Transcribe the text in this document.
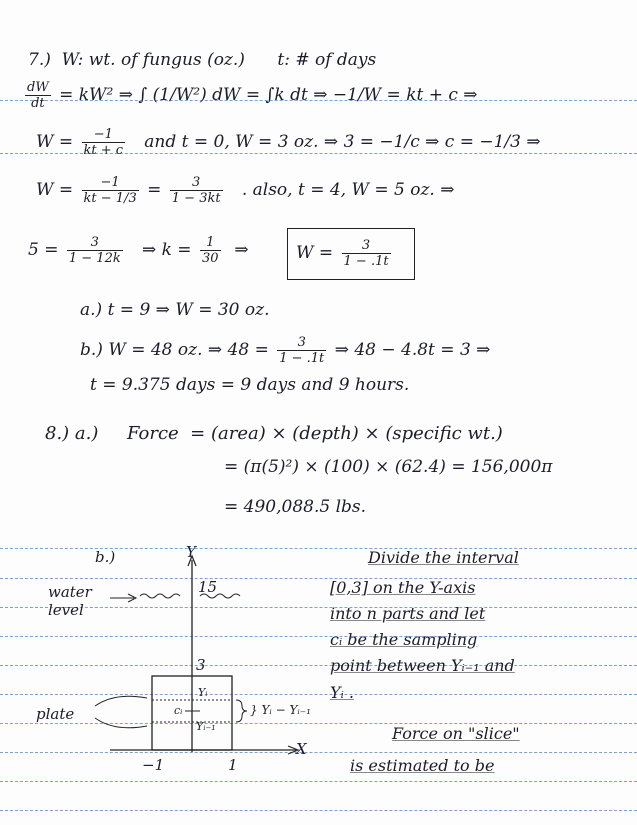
7.) W: wt. of fungus (oz.) t: # of days
$\frac{dW}{dt} = kW^2$ ⇒ ∫ (1/W²) dW = ∫k dt ⇒ −1/W = kt + c ⇒
$W = \frac{-1}{kt + c}$ and t = 0, W = 3 oz. ⇒ 3 = −1/c ⇒ c = −1/3 ⇒
$W = \frac{-1}{kt - 1/3} = \frac{3}{1 - 3kt}$ . also, t = 4, W = 5 oz. ⇒
$5 = \frac{3}{1 - 12k}$ ⇒ $k = \frac{1}{30}$ ⇒	$W = \frac{3}{1 - .1t}$
a.) t = 9 ⇒ W = 30 oz.
b.) W = 48 oz. ⇒ $48 = \frac{3}{1 - .1t}$ ⇒ 48 − 4.8t = 3 ⇒
t = 9.375 days = 9 days and 9 hours.
8.) a.) Force = (area) × (depth) × (specific wt.)
= (π(5)²) × (100) × (62.4) = 156,000π
= 490,088.5 lbs.
b.)	Y
15
water
level
3
Yᵢ
cᵢ
Yᵢ₋₁
} Yᵢ − Yᵢ₋₁
plate
X
−1	1
Divide the interval
[0,3] on the Y-axis
into n parts and let
cᵢ be the sampling
point between Yᵢ₋₁ and
Yᵢ .
Force on "slice"
is estimated to be
